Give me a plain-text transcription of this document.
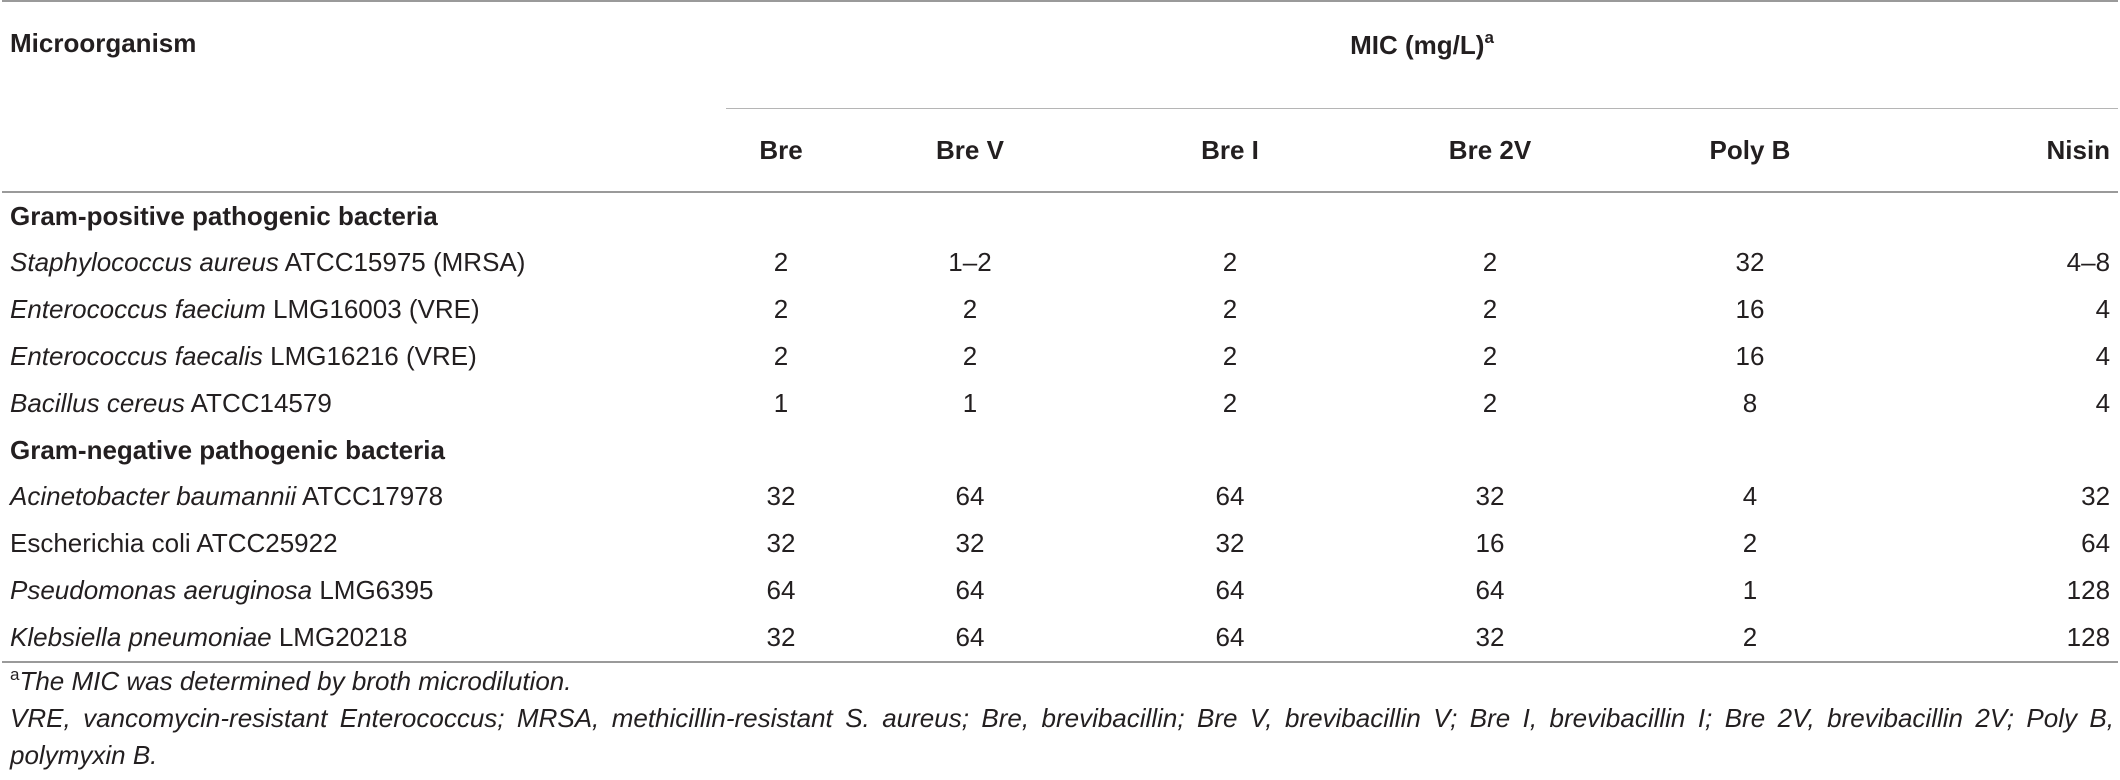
Microorganism	MIC $(mg/L)^a$
	Bre	Bre V	Bre I	Bre 2V	Poly B	Nisin
Gram-positive pathogenic bacteria						
Staphylococcus aureus ATCC15975 (MRSA)	2	1–2	2	2	32	4–8
Enterococcus faecium LMG16003 (VRE)	2	2	2	2	16	4
Enterococcus faecalis LMG16216 (VRE)	2	2	2	2	16	4
Bacillus cereus ATCC14579	1	1	2	2	8	4
Gram-negative pathogenic bacteria						
Acinetobacter baumannii ATCC17978	32	64	64	32	4	32
Escherichia coli ATCC25922	32	32	32	16	2	64
Pseudomonas aeruginosa LMG6395	64	64	64	64	1	128
Klebsiella pneumoniae LMG20218	32	64	64	32	2	128

$^a$The MIC was determined by broth microdilution.

VRE, vancomycin-resistant Enterococcus; MRSA, methicillin-resistant S. aureus; Bre, brevibacillin; Bre V, brevibacillin V; Bre I, brevibacillin I; Bre 2V, brevibacillin 2V; Poly B, polymyxin B.
